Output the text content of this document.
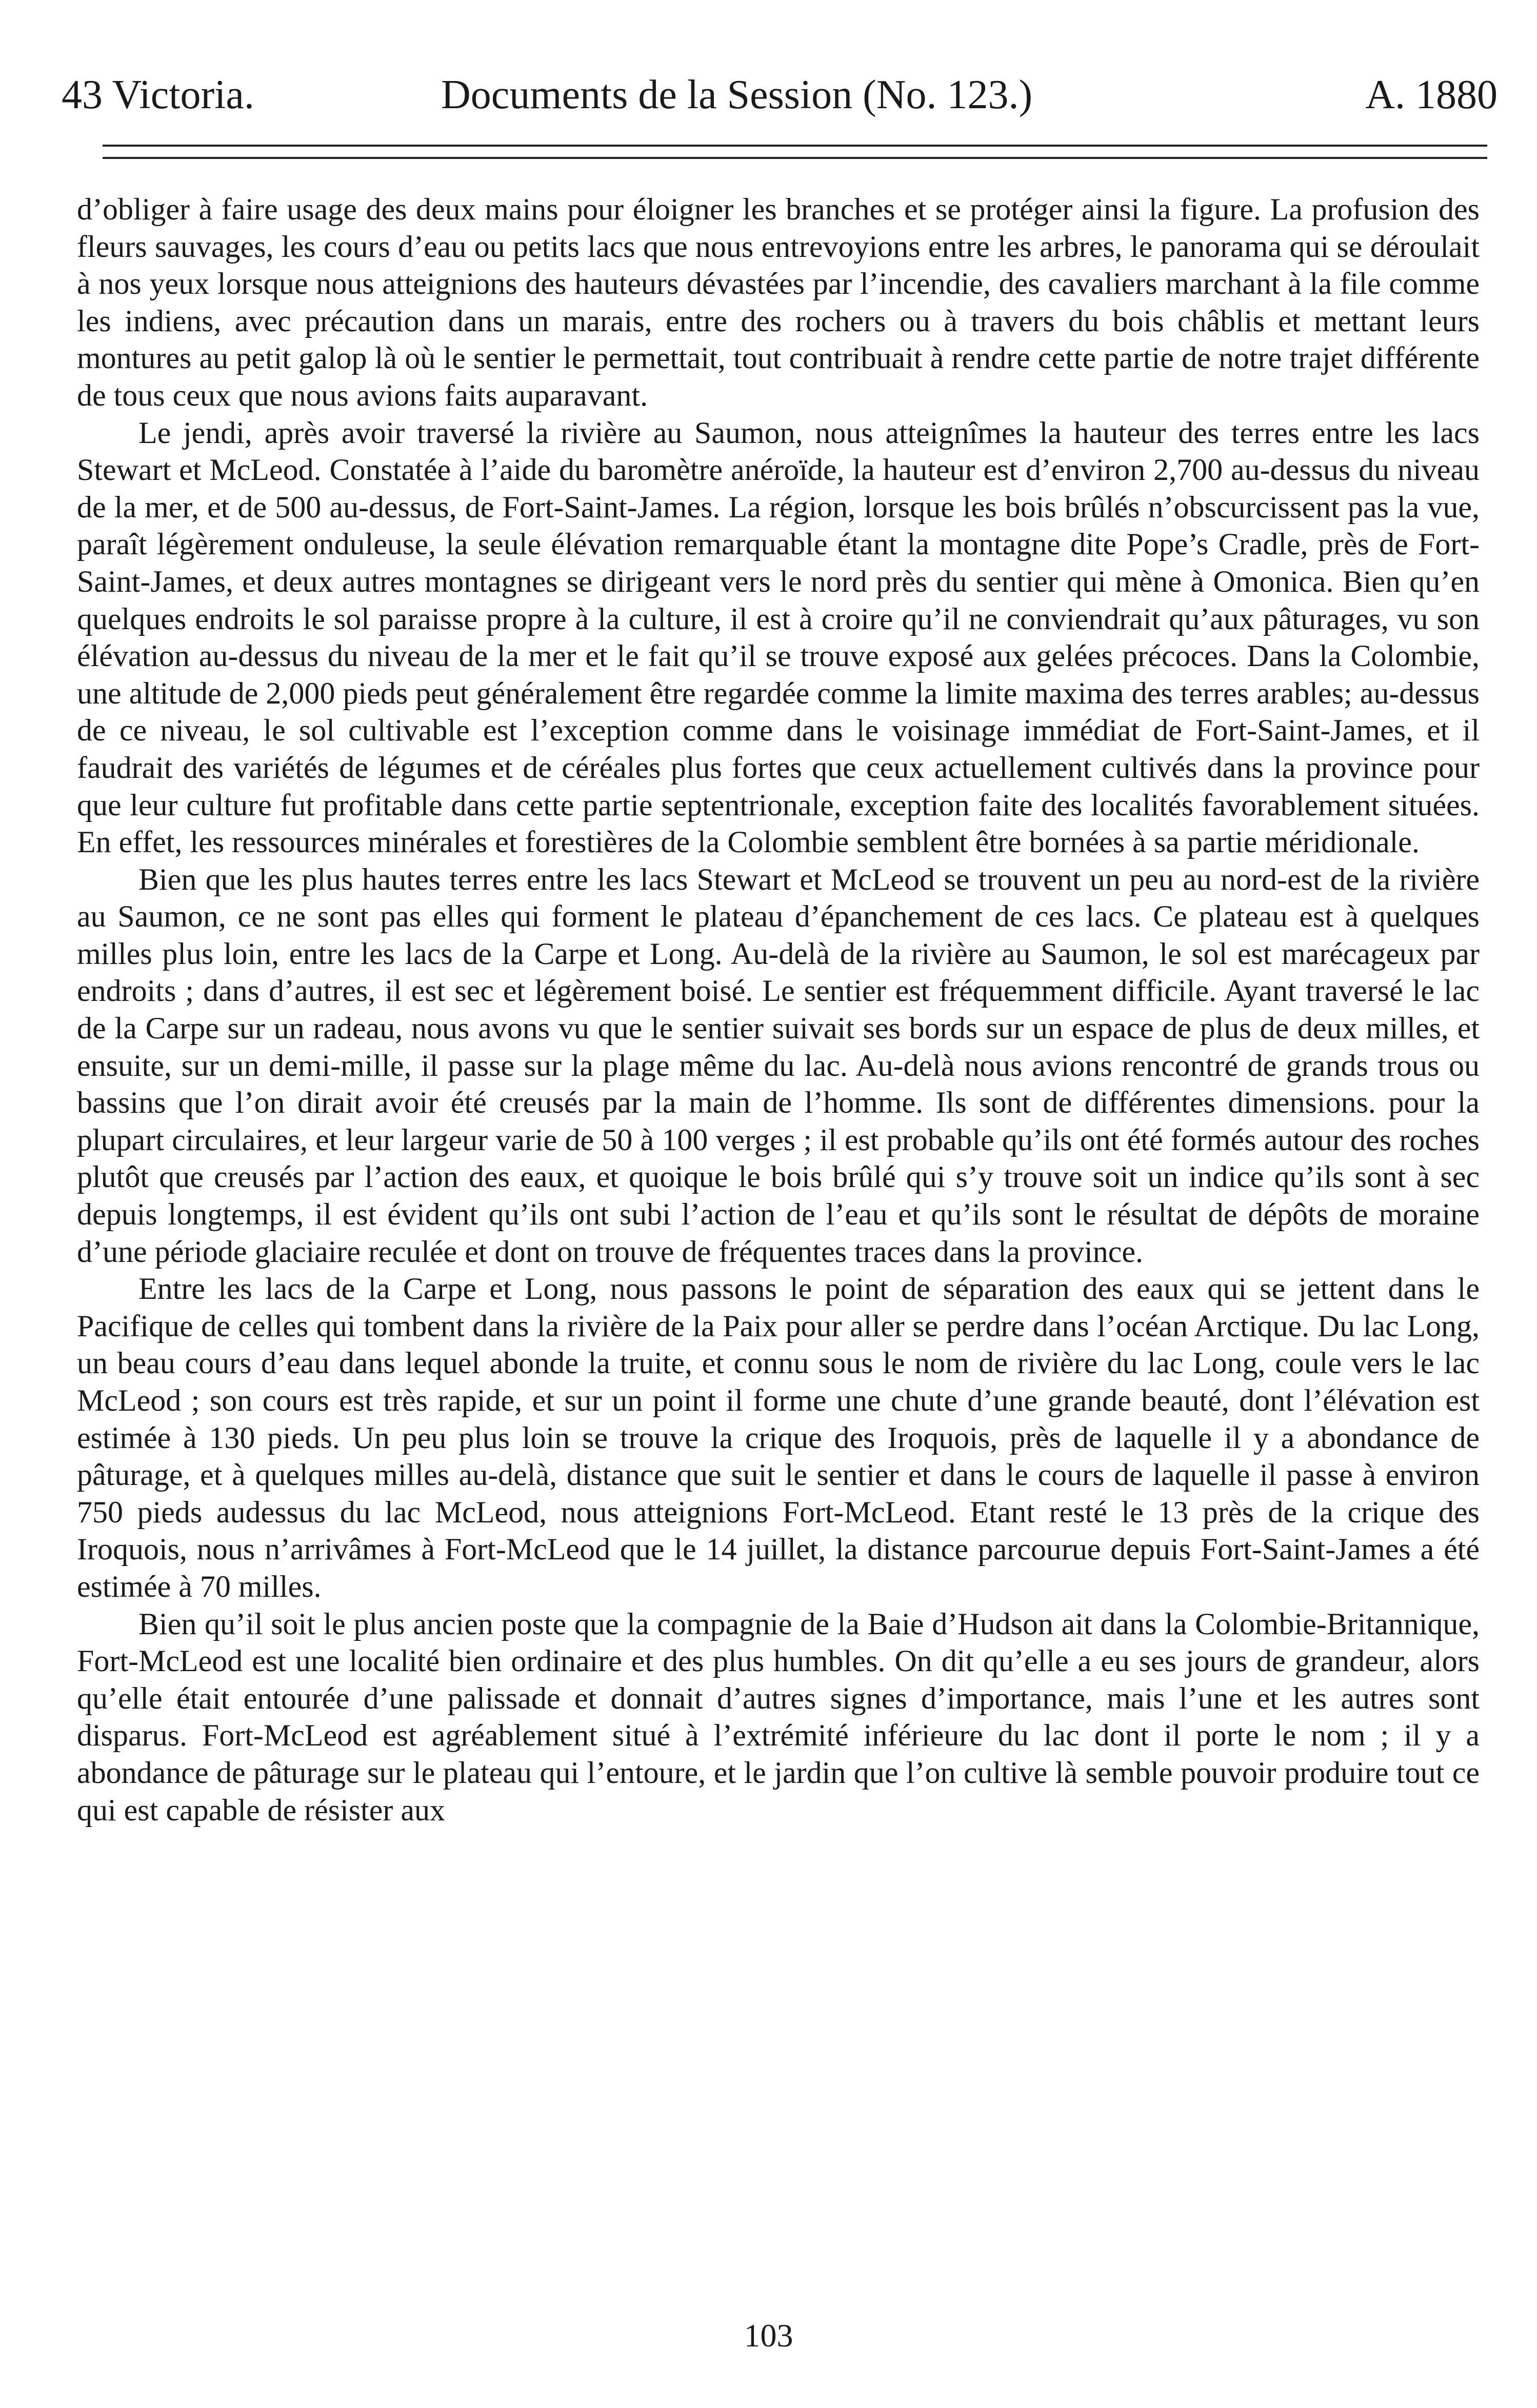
43 Victoria.	Documents de la Session (No. 123.)	A. 1880

d’obliger à faire usage des deux mains pour éloigner les branches et se protéger ainsi la figure. La profusion des fleurs sauvages, les cours d’eau ou petits lacs que nous entrevoyions entre les arbres, le panorama qui se déroulait à nos yeux lorsque nous atteignions des hauteurs dévastées par l’incendie, des cavaliers marchant à la file comme les indiens, avec précaution dans un marais, entre des rochers ou à travers du bois châblis et mettant leurs montures au petit galop là où le sentier le permettait, tout contribuait à rendre cette partie de notre trajet différente de tous ceux que nous avions faits auparavant.

Le jendi, après avoir traversé la rivière au Saumon, nous atteignîmes la hauteur des terres entre les lacs Stewart et McLeod. Constatée à l’aide du baromètre anéroïde, la hauteur est d’environ 2,700 au-dessus du niveau de la mer, et de 500 au-dessus, de Fort-Saint-James. La région, lorsque les bois brûlés n’obscurcissent pas la vue, paraît légèrement onduleuse, la seule élévation remarquable étant la montagne dite Pope’s Cradle, près de Fort-Saint-James, et deux autres montagnes se dirigeant vers le nord près du sentier qui mène à Omonica. Bien qu’en quelques endroits le sol paraisse propre à la culture, il est à croire qu’il ne conviendrait qu’aux pâturages, vu son élévation au-dessus du niveau de la mer et le fait qu’il se trouve exposé aux gelées précoces. Dans la Colombie, une altitude de 2,000 pieds peut généralement être regardée comme la limite maxima des terres arables; au-dessus de ce niveau, le sol cultivable est l’exception comme dans le voisinage immédiat de Fort-Saint-James, et il faudrait des variétés de légumes et de céréales plus fortes que ceux actuellement cultivés dans la province pour que leur culture fut profitable dans cette partie septentrionale, exception faite des localités favorablement situées. En effet, les ressources minérales et forestières de la Colombie semblent être bornées à sa partie méridionale.

Bien que les plus hautes terres entre les lacs Stewart et McLeod se trouvent un peu au nord-est de la rivière au Saumon, ce ne sont pas elles qui forment le plateau d’épanchement de ces lacs. Ce plateau est à quelques milles plus loin, entre les lacs de la Carpe et Long. Au-delà de la rivière au Saumon, le sol est marécageux par endroits ; dans d’autres, il est sec et légèrement boisé. Le sentier est fréquemment difficile. Ayant traversé le lac de la Carpe sur un radeau, nous avons vu que le sentier suivait ses bords sur un espace de plus de deux milles, et ensuite, sur un demi-mille, il passe sur la plage même du lac. Au-delà nous avions rencontré de grands trous ou bassins que l’on dirait avoir été creusés par la main de l’homme. Ils sont de différentes dimensions. pour la plupart circulaires, et leur largeur varie de 50 à 100 verges ; il est probable qu’ils ont été formés autour des roches plutôt que creusés par l’action des eaux, et quoique le bois brûlé qui s’y trouve soit un indice qu’ils sont à sec depuis longtemps, il est évident qu’ils ont subi l’action de l’eau et qu’ils sont le résultat de dépôts de moraine d’une période glaciaire reculée et dont on trouve de fréquentes traces dans la province.

Entre les lacs de la Carpe et Long, nous passons le point de séparation des eaux qui se jettent dans le Pacifique de celles qui tombent dans la rivière de la Paix pour aller se perdre dans l’océan Arctique. Du lac Long, un beau cours d’eau dans lequel abonde la truite, et connu sous le nom de rivière du lac Long, coule vers le lac McLeod ; son cours est très rapide, et sur un point il forme une chute d’une grande beauté, dont l’élévation est estimée à 130 pieds. Un peu plus loin se trouve la crique des Iroquois, près de laquelle il y a abondance de pâturage, et à quelques milles au-delà, distance que suit le sentier et dans le cours de laquelle il passe à environ 750 pieds audessus du lac McLeod, nous atteignions Fort-McLeod. Etant resté le 13 près de la crique des Iroquois, nous n’arrivâmes à Fort-McLeod que le 14 juillet, la distance parcourue depuis Fort-Saint-James a été estimée à 70 milles.

Bien qu’il soit le plus ancien poste que la compagnie de la Baie d’Hudson ait dans la Colombie-Britannique, Fort-McLeod est une localité bien ordinaire et des plus humbles. On dit qu’elle a eu ses jours de grandeur, alors qu’elle était entourée d’une palissade et donnait d’autres signes d’importance, mais l’une et les autres sont disparus. Fort-McLeod est agréablement situé à l’extrémité inférieure du lac dont il porte le nom ; il y a abondance de pâturage sur le plateau qui l’entoure, et le jardin que l’on cultive là semble pouvoir produire tout ce qui est capable de résister aux

103
